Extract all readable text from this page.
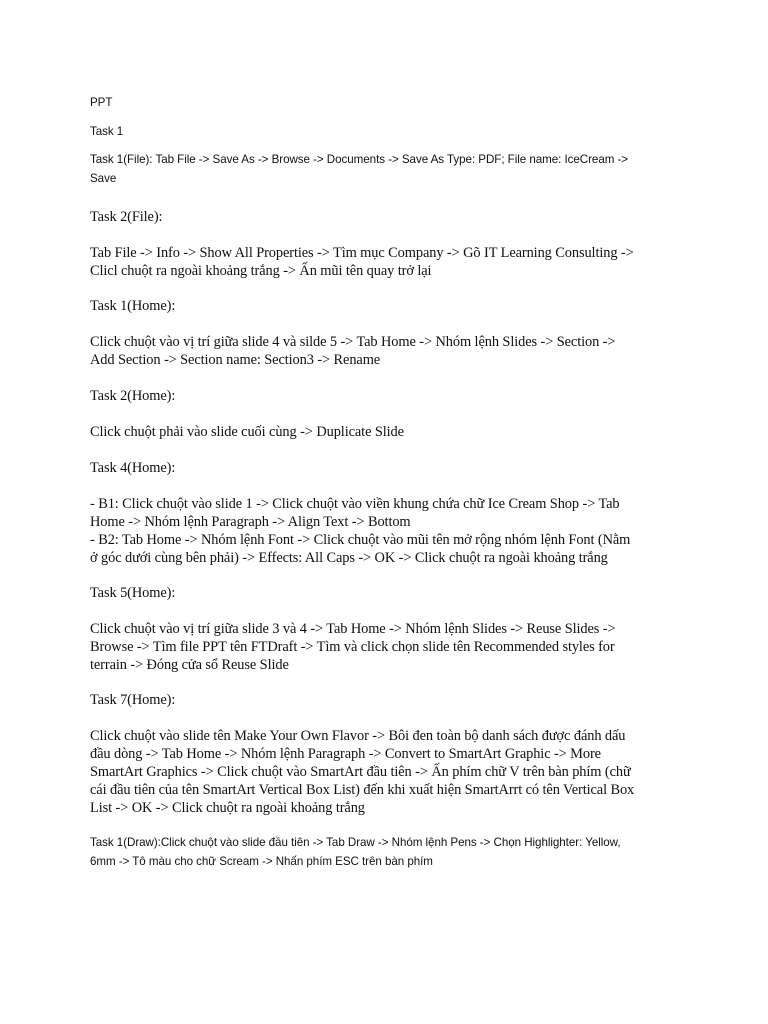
PPT

Task 1

Task 1(File): Tab File -> Save As -> Browse -> Documents -> Save As Type: PDF; File name: IceCream ->
Save

Task 2(File):

Tab File -> Info -> Show All Properties -> Tìm mục Company -> Gõ IT Learning Consulting ->
Clicl chuột ra ngoài khoảng trắng -> Ấn mũi tên quay trở lại

Task 1(Home):

Click chuột vào vị trí giữa slide 4 và silde 5 -> Tab Home -> Nhóm lệnh Slides -> Section ->
Add Section -> Section name: Section3 -> Rename

Task 2(Home):

Click chuột phải vào slide cuối cùng -> Duplicate Slide

Task 4(Home):

- B1: Click chuột vào slide 1 -> Click chuột vào viền khung chứa chữ Ice Cream Shop -> Tab
Home -> Nhóm lệnh Paragraph -> Align Text -> Bottom
- B2: Tab Home -> Nhóm lệnh Font -> Click chuột vào mũi tên mở rộng nhóm lệnh Font (Nằm
ở góc dưới cùng bên phải) -> Effects: All Caps -> OK -> Click chuột ra ngoài khoảng trắng

Task 5(Home):

Click chuột vào vị trí giữa slide 3 và 4 -> Tab Home -> Nhóm lệnh Slides -> Reuse Slides ->
Browse -> Tìm file PPT tên FTDraft -> Tìm và click chọn slide tên Recommended styles for
terrain -> Đóng cửa sổ Reuse Slide

Task 7(Home):

Click chuột vào slide tên Make Your Own Flavor -> Bôi đen toàn bộ danh sách được đánh dấu
đầu dòng -> Tab Home -> Nhóm lệnh Paragraph -> Convert to SmartArt Graphic -> More
SmartArt Graphics -> Click chuột vào SmartArt đầu tiên -> Ấn phím chữ V trên bàn phím (chữ
cái đầu tiên của tên SmartArt Vertical Box List) đến khi xuất hiện SmartArrt có tên Vertical Box
List -> OK -> Click chuột ra ngoài khoảng trắng

Task 1(Draw):Click chuột vào slide đầu tiên -> Tab Draw -> Nhóm lệnh Pens -> Chọn Highlighter: Yellow,
6mm -> Tô màu cho chữ Scream -> Nhấn phím ESC trên bàn phím
